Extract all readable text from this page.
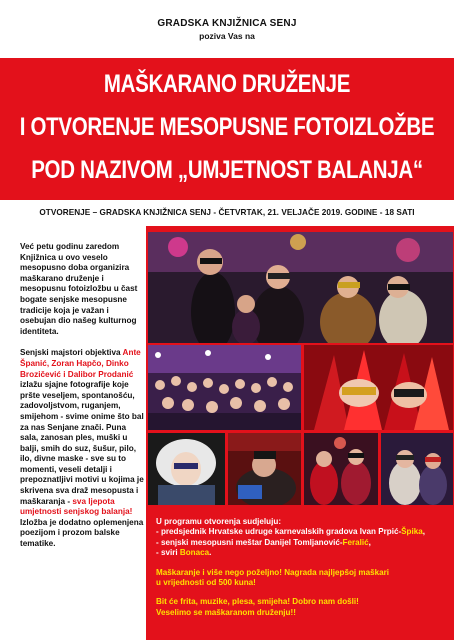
GRADSKA KNJIŽNICA SENJ
poziva Vas na
MAŠKARANO DRUŽENJE
I OTVORENJE MESOPUSNE FOTOIZLOŽBE
POD NAZIVOM „UMJETNOST BALANJA“
OTVORENJE – GRADSKA KNJIŽNICA SENJ - ČETVRTAK, 21. VELJAČE 2019. GODINE - 18 SATI

Već petu godinu zaredom Knjižnica u ovo veselo mesopusno doba organizira maškarano druženje i mesopusnu fotoizložbu u čast bogate senjske mesopusne tradicije koja je važan i osebujan dio našeg kulturnog identiteta.

Senjski majstori objektiva Ante Španić, Zoran Hapčo, Dinko Brozičević i Dalibor Prodanić izlažu sjajne fotografije koje pršte veseljem, spontanošću, zadovoljstvom, ruganjem, smijehom - svime onime što bal za nas Senjane znači. Puna sala, zanosan ples, muški u balji, smih do suz, šušur, pilo, ilo, divne maske - sve su to momenti, veseli detalji i prepoznatljivi motivi u kojima je skrivena sva draž mesopusta i maškaranja - sva ljepota umjetnosti senjskog balanja!
Izložba je dodatno oplemenjena poezijom i prozom balske tematike.

U programu otvorenja sudjeluju:
- predsjednik Hrvatske udruge karnevalskih gradova Ivan Prpić-Špika,
- senjski mesopusni meštar Danijel Tomljanović-Feralić,
- sviri Bonaca.
Maškaranje i više nego poželjno! Nagrada najljepšoj maškari
u vrijednosti od 500 kuna!
Bit će frita, muzike, plesa, smijeha! Dobro nam došli!
Veselimo se maškaranom druženju!!
